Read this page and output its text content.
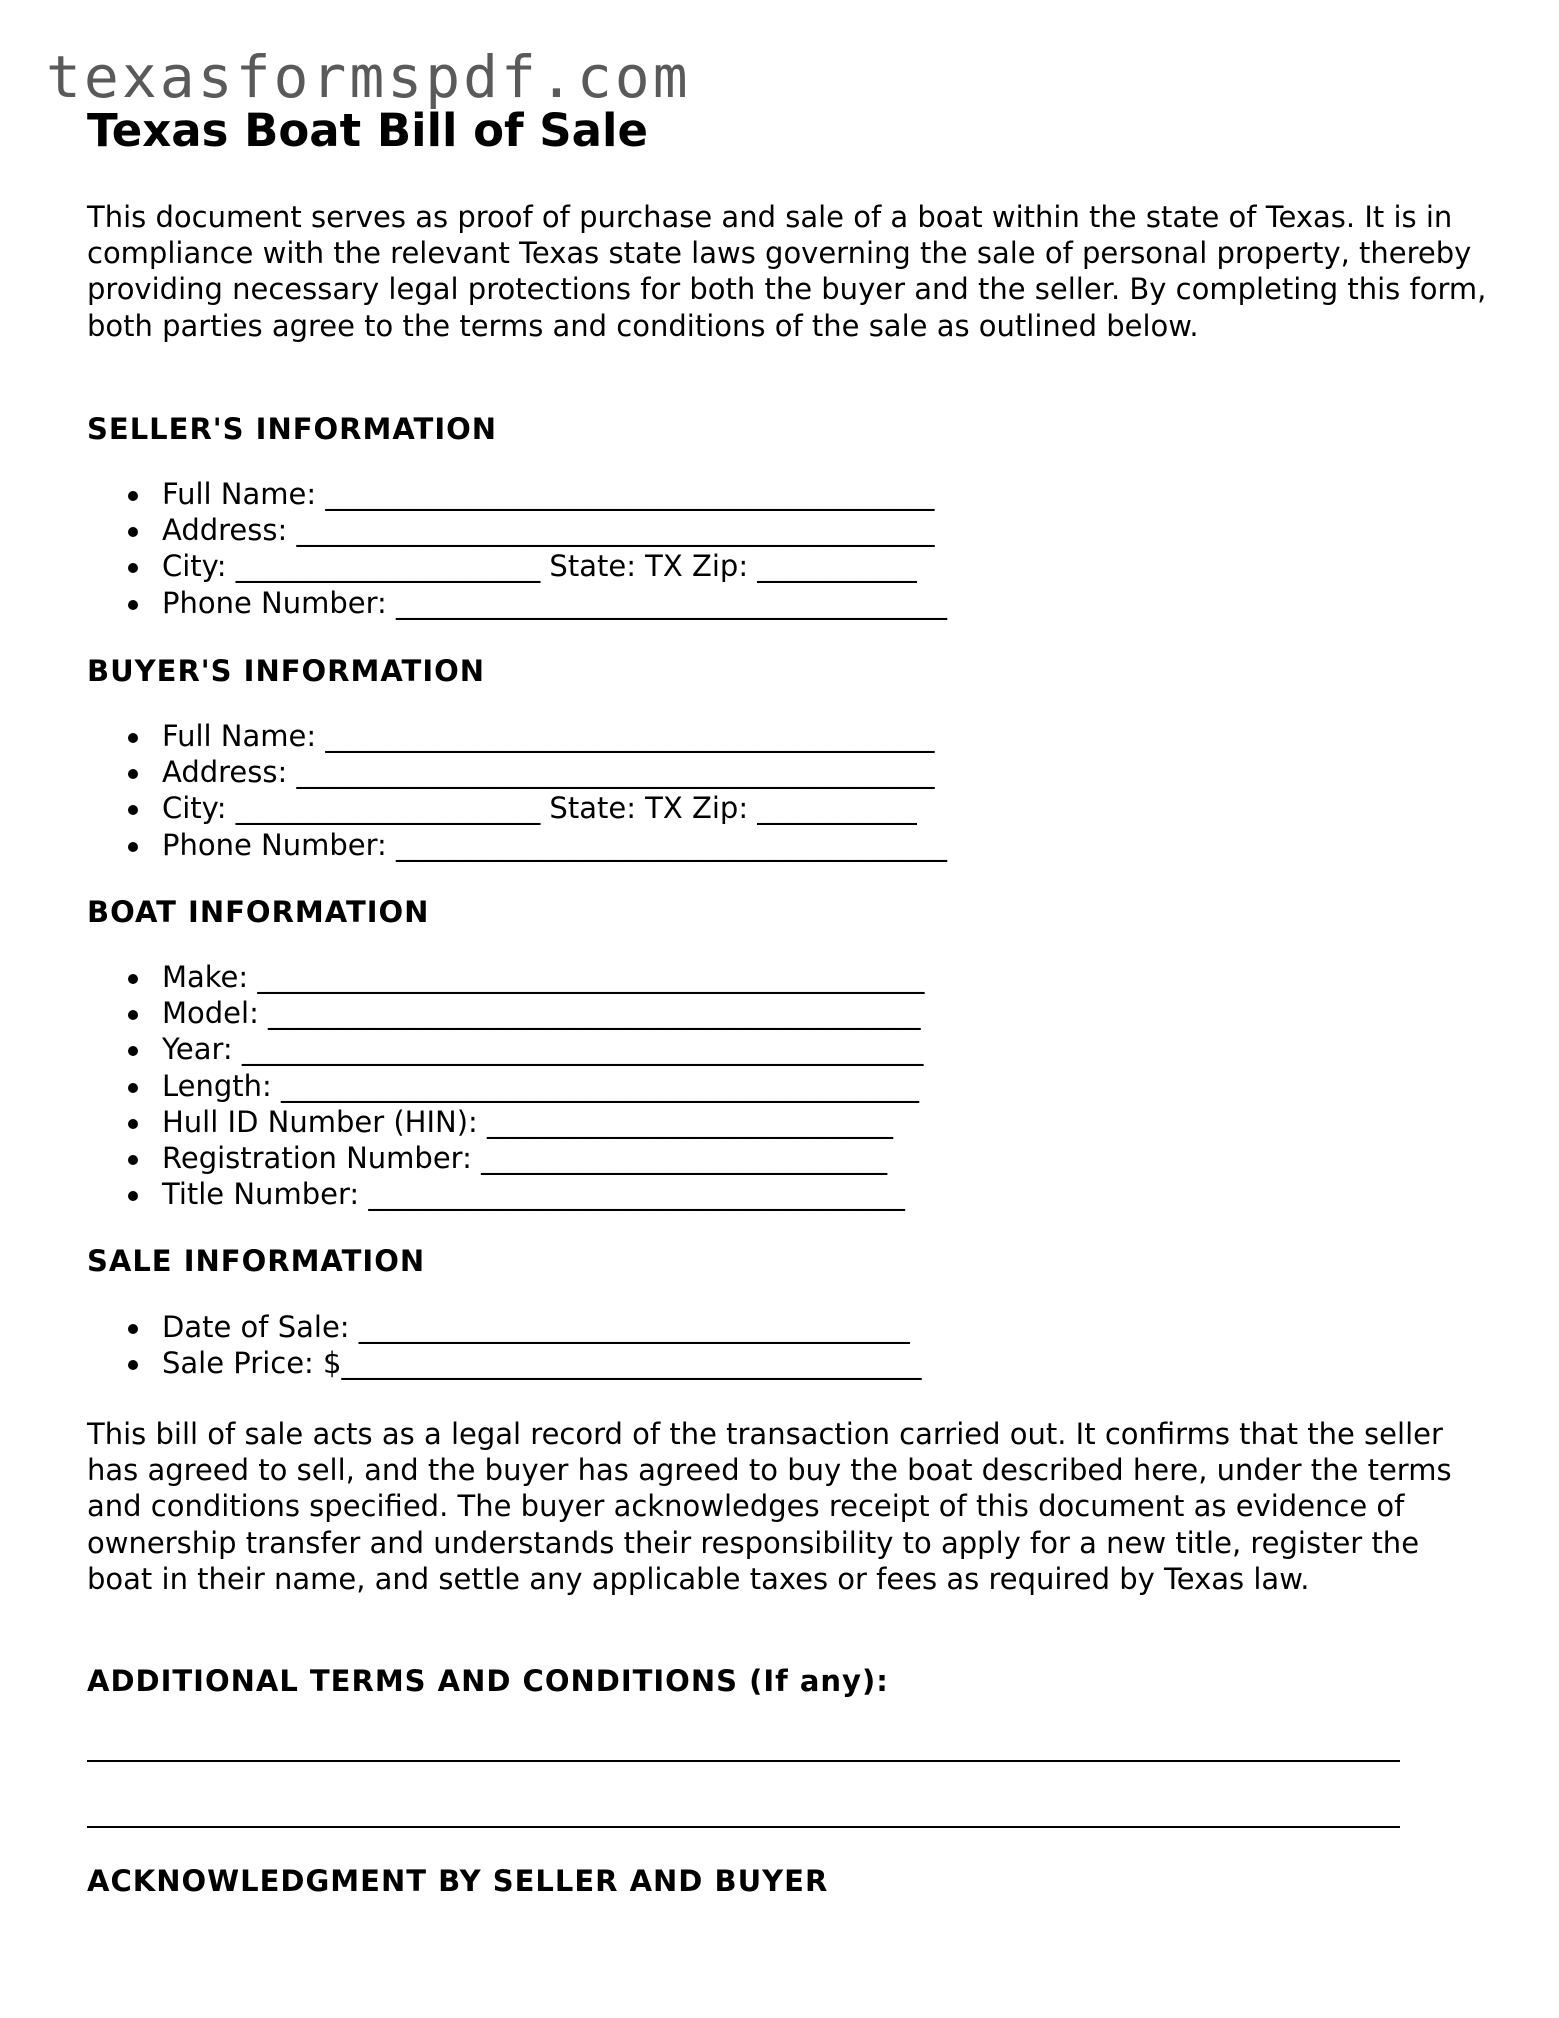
texasformspdf.com
Texas Boat Bill of Sale

This document serves as proof of purchase and sale of a boat within the state of Texas. It is in compliance with the relevant Texas state laws governing the sale of personal property, thereby providing necessary legal protections for both the buyer and the seller. By completing this form, both parties agree to the terms and conditions of the sale as outlined below.

SELLER'S INFORMATION
Full Name: __________________________________________
Address: ____________________________________________
City: _____________________ State: TX Zip: ___________
Phone Number: ______________________________________
BUYER'S INFORMATION
Full Name: __________________________________________
Address: ____________________________________________
City: _____________________ State: TX Zip: ___________
Phone Number: ______________________________________
BOAT INFORMATION
Make: ______________________________________________
Model: _____________________________________________
Year: _______________________________________________
Length: ____________________________________________
Hull ID Number (HIN): ____________________________
Registration Number: ____________________________
Title Number: _____________________________________
SALE INFORMATION
Date of Sale: ______________________________________
Sale Price: $________________________________________

This bill of sale acts as a legal record of the transaction carried out. It confirms that the seller has agreed to sell, and the buyer has agreed to buy the boat described here, under the terms and conditions specified. The buyer acknowledges receipt of this document as evidence of ownership transfer and understands their responsibility to apply for a new title, register the boat in their name, and settle any applicable taxes or fees as required by Texas law.

ADDITIONAL TERMS AND CONDITIONS (If any):
ACKNOWLEDGMENT BY SELLER AND BUYER
